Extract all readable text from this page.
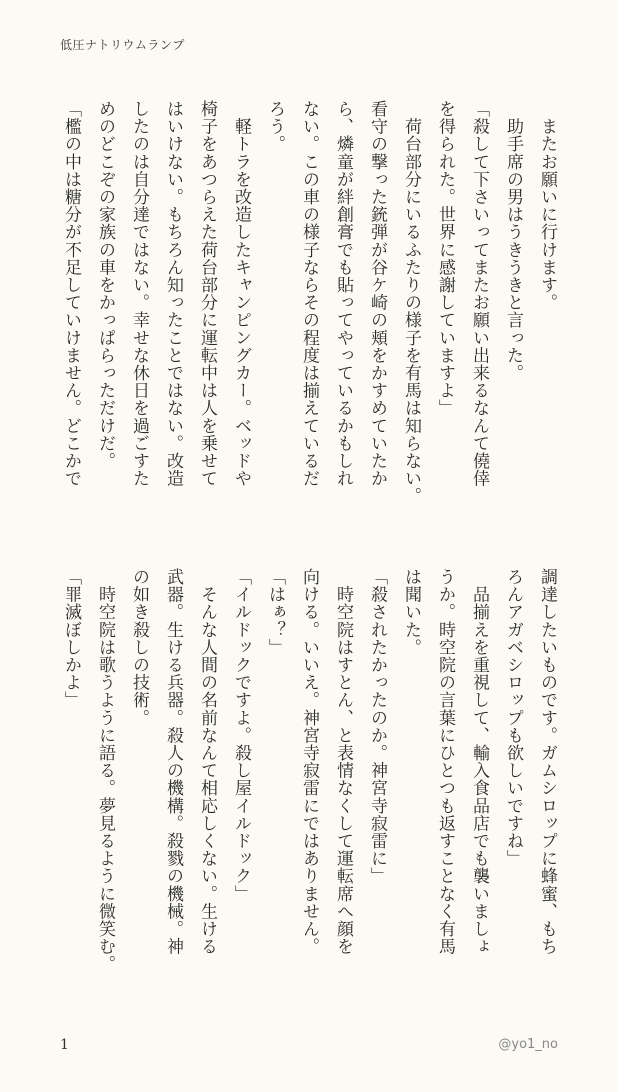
低圧ナトリウムランプ

　またお願いに行けます。

　助手席の男はうきうきと言った。

「殺して下さいってまたお願い出来るなんて僥倖

を得られた。世界に感謝していますよ」

　荷台部分にいるふたりの様子を有馬は知らない。

看守の撃った銃弾が谷ケ崎の頬をかすめていたか

ら、燐童が絆創膏でも貼ってやっているかもしれ

ない。この車の様子ならその程度は揃えているだ

ろう。

　軽トラを改造したキャンピングカー。ベッドや

椅子をあつらえた荷台部分に運転中は人を乗せて

はいけない。もちろん知ったことではない。改造

したのは自分達ではない。幸せな休日を過ごすた

めのどこぞの家族の車をかっぱらっただけだ。

「檻の中は糖分が不足していけません。どこかで

調達したいものです。ガムシロップに蜂蜜、もち

ろんアガベシロップも欲しいですね」

　品揃えを重視して、輸入食品店でも襲いましょ

うか。時空院の言葉にひとつも返すことなく有馬

は聞いた。

「殺されたかったのか。神宮寺寂雷に」

　時空院はすとん、と表情なくして運転席へ顔を

向ける。いいえ。神宮寺寂雷にではありません。

「はぁ？」

「イルドックですよ。殺し屋イルドック」

　そんな人間の名前なんて相応しくない。生ける

武器。生ける兵器。殺人の機構。殺戮の機械。神

の如き殺しの技術。

　時空院は歌うように語る。夢見るように微笑む。

「罪滅ぼしかよ」

1	@yo1_no
